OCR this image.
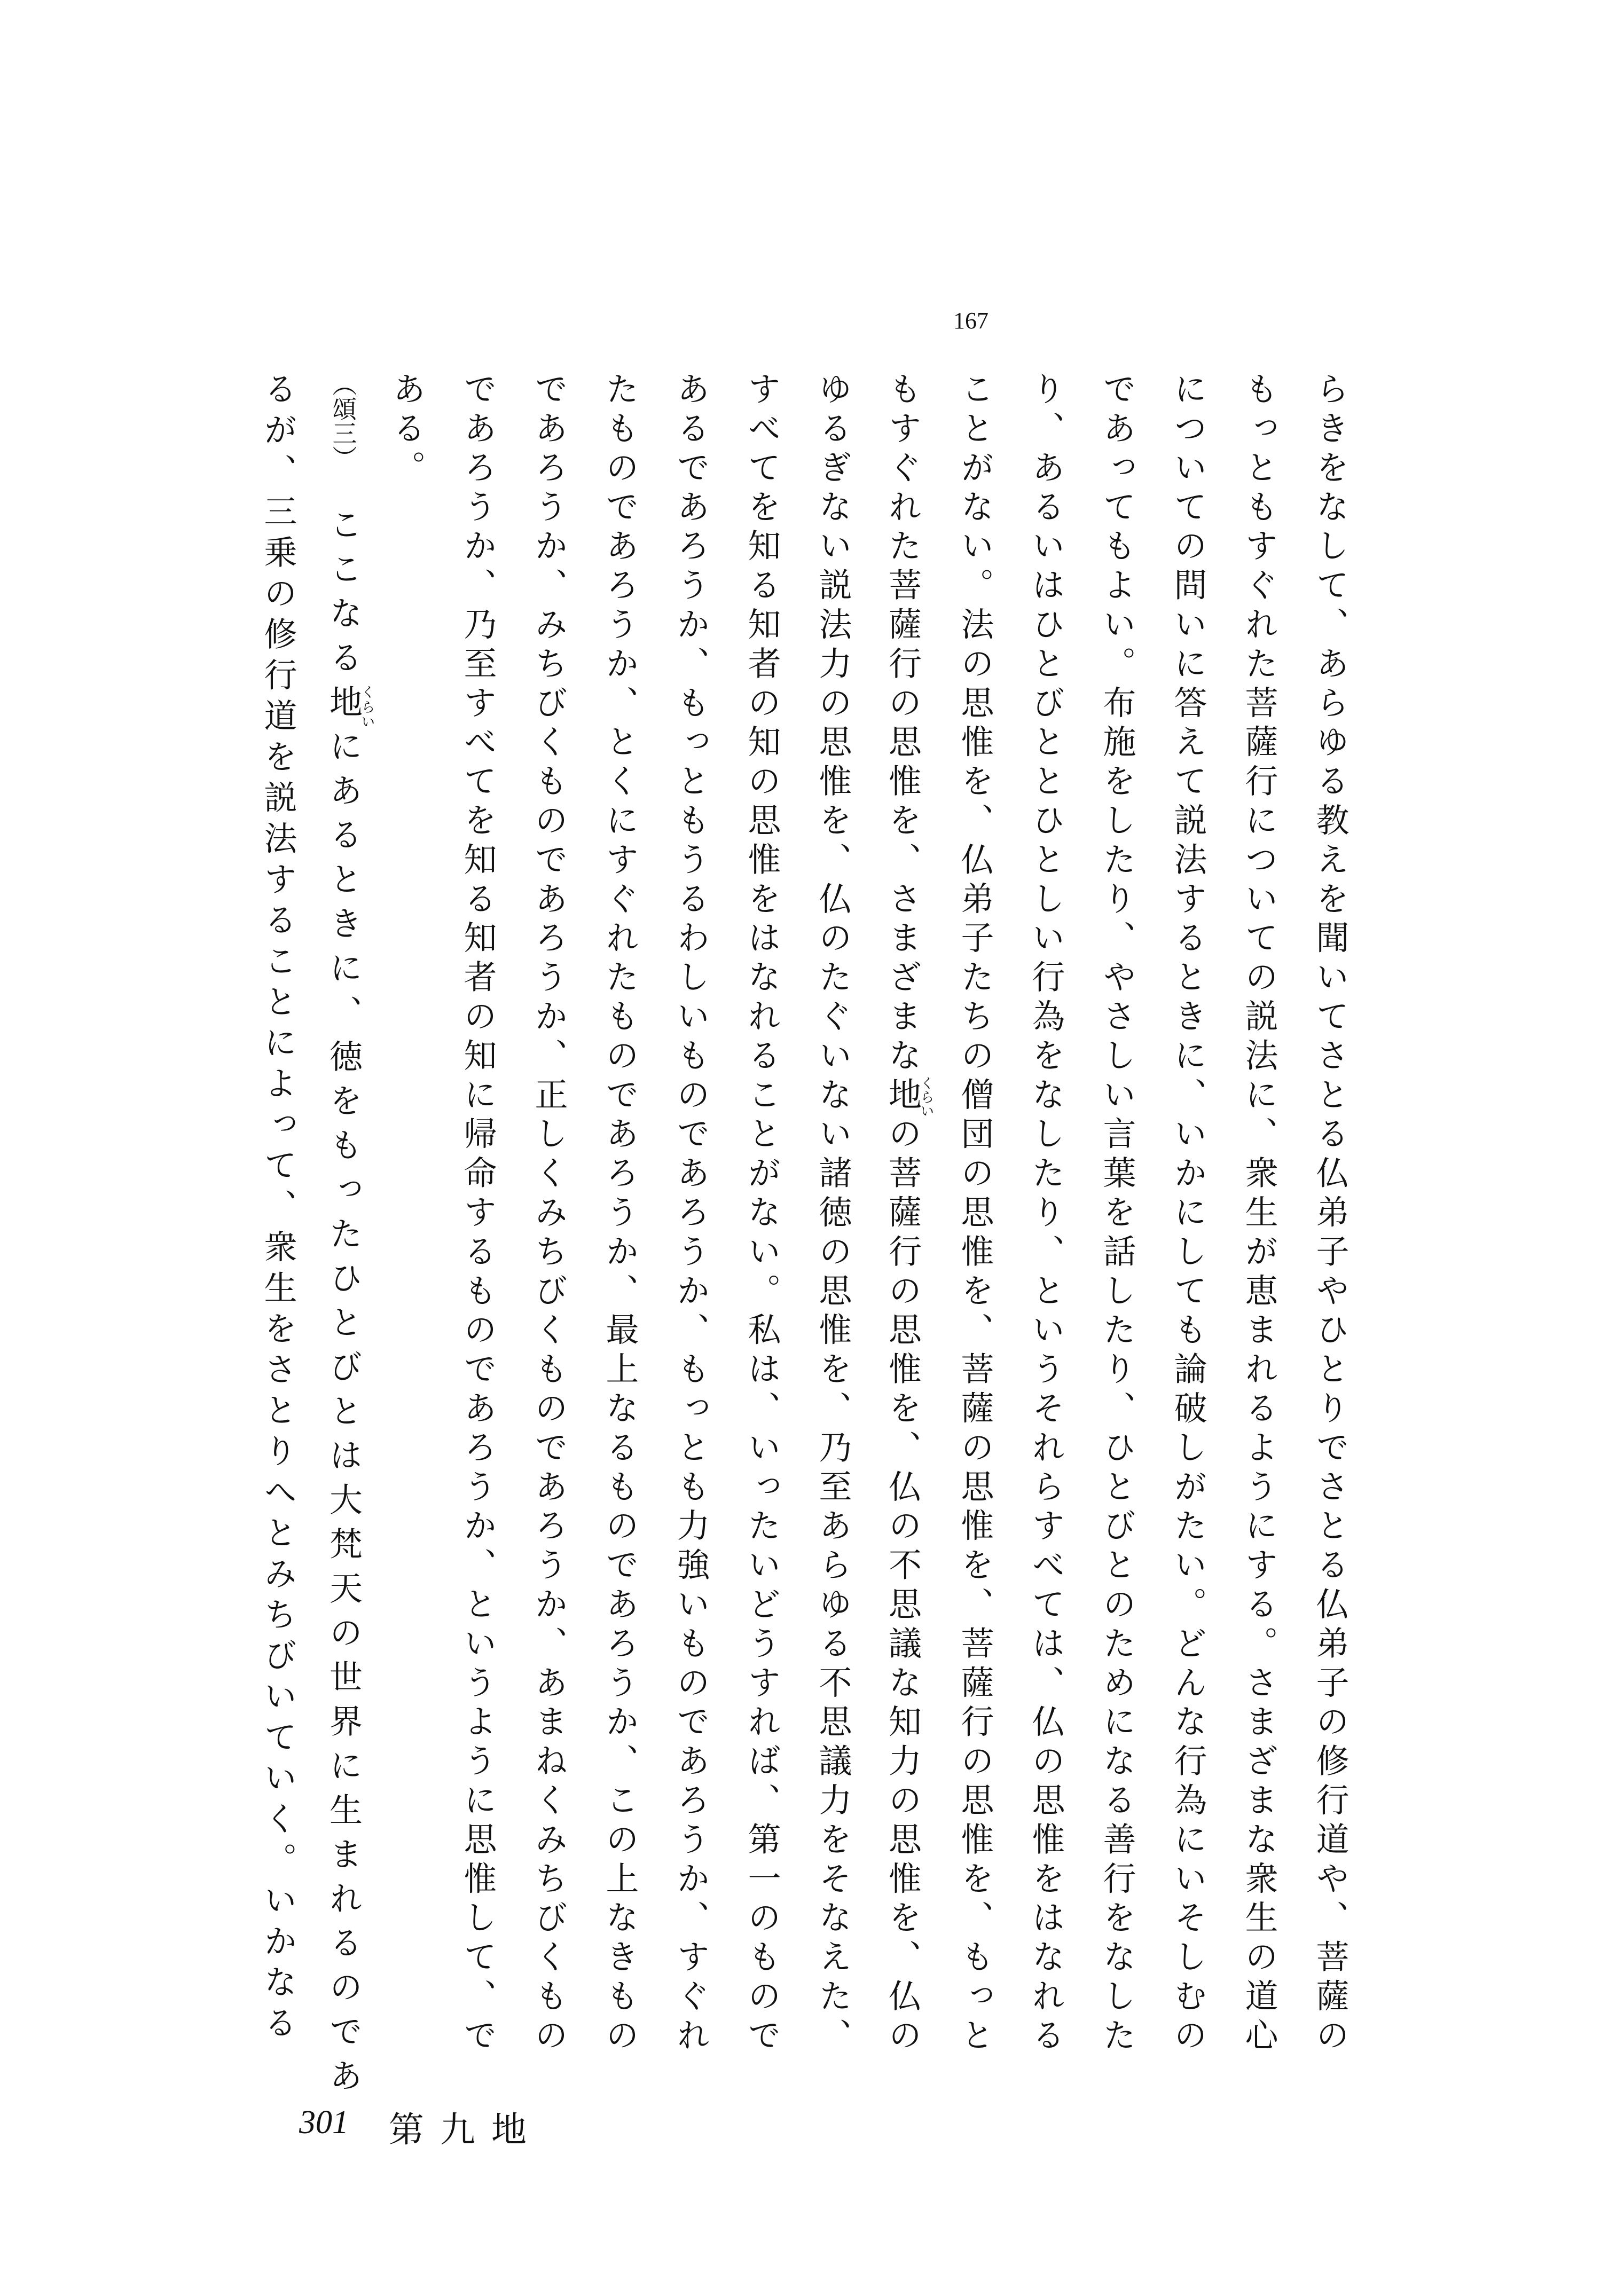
167
らきをなして、あらゆる教えを聞いてさとる仏弟子やひとりでさとる仏弟子の修行道や、菩薩の
もっともすぐれた菩薩行についての説法に、衆生が恵まれるようにする。さまざまな衆生の道心
についての問いに答えて説法するときに、いかにしても論破しがたい。どんな行為にいそしむの
であってもよい。布施をしたり、やさしい言葉を話したり、ひとびとのためになる善行をなした
り、あるいはひとびととひとしい行為をなしたり、というそれらすべては、仏の思惟をはなれる
ことがない。法の思惟を、仏弟子たちの僧団の思惟を、菩薩の思惟を、菩薩行の思惟を、もっと
もすぐれた菩薩行の思惟を、さまざまな地くらいの菩薩行の思惟を、仏の不思議な知力の思惟を、仏の
ゆるぎない説法力の思惟を、仏のたぐいない諸徳の思惟を、乃至あらゆる不思議力をそなえた、
すべてを知る知者の知の思惟をはなれることがない。私は、いったいどうすれば、第一のもので
あるであろうか、もっともうるわしいものであろうか、もっとも力強いものであろうか、すぐれ
たものであろうか、とくにすぐれたものであろうか、最上なるものであろうか、この上なきもの
であろうか、みちびくものであろうか、正しくみちびくものであろうか、あまねくみちびくもの
であろうか、乃至すべてを知る知者の知に帰命するものであろうか、というように思惟して、で
ある。
（頌三）ここなる地くらいにあるときに、徳をもったひとびとは大梵天の世界に生まれるのであ
るが、三乗の修行道を説法することによって、衆生をさとりへとみちびいていく。いかなる
301 第九地
